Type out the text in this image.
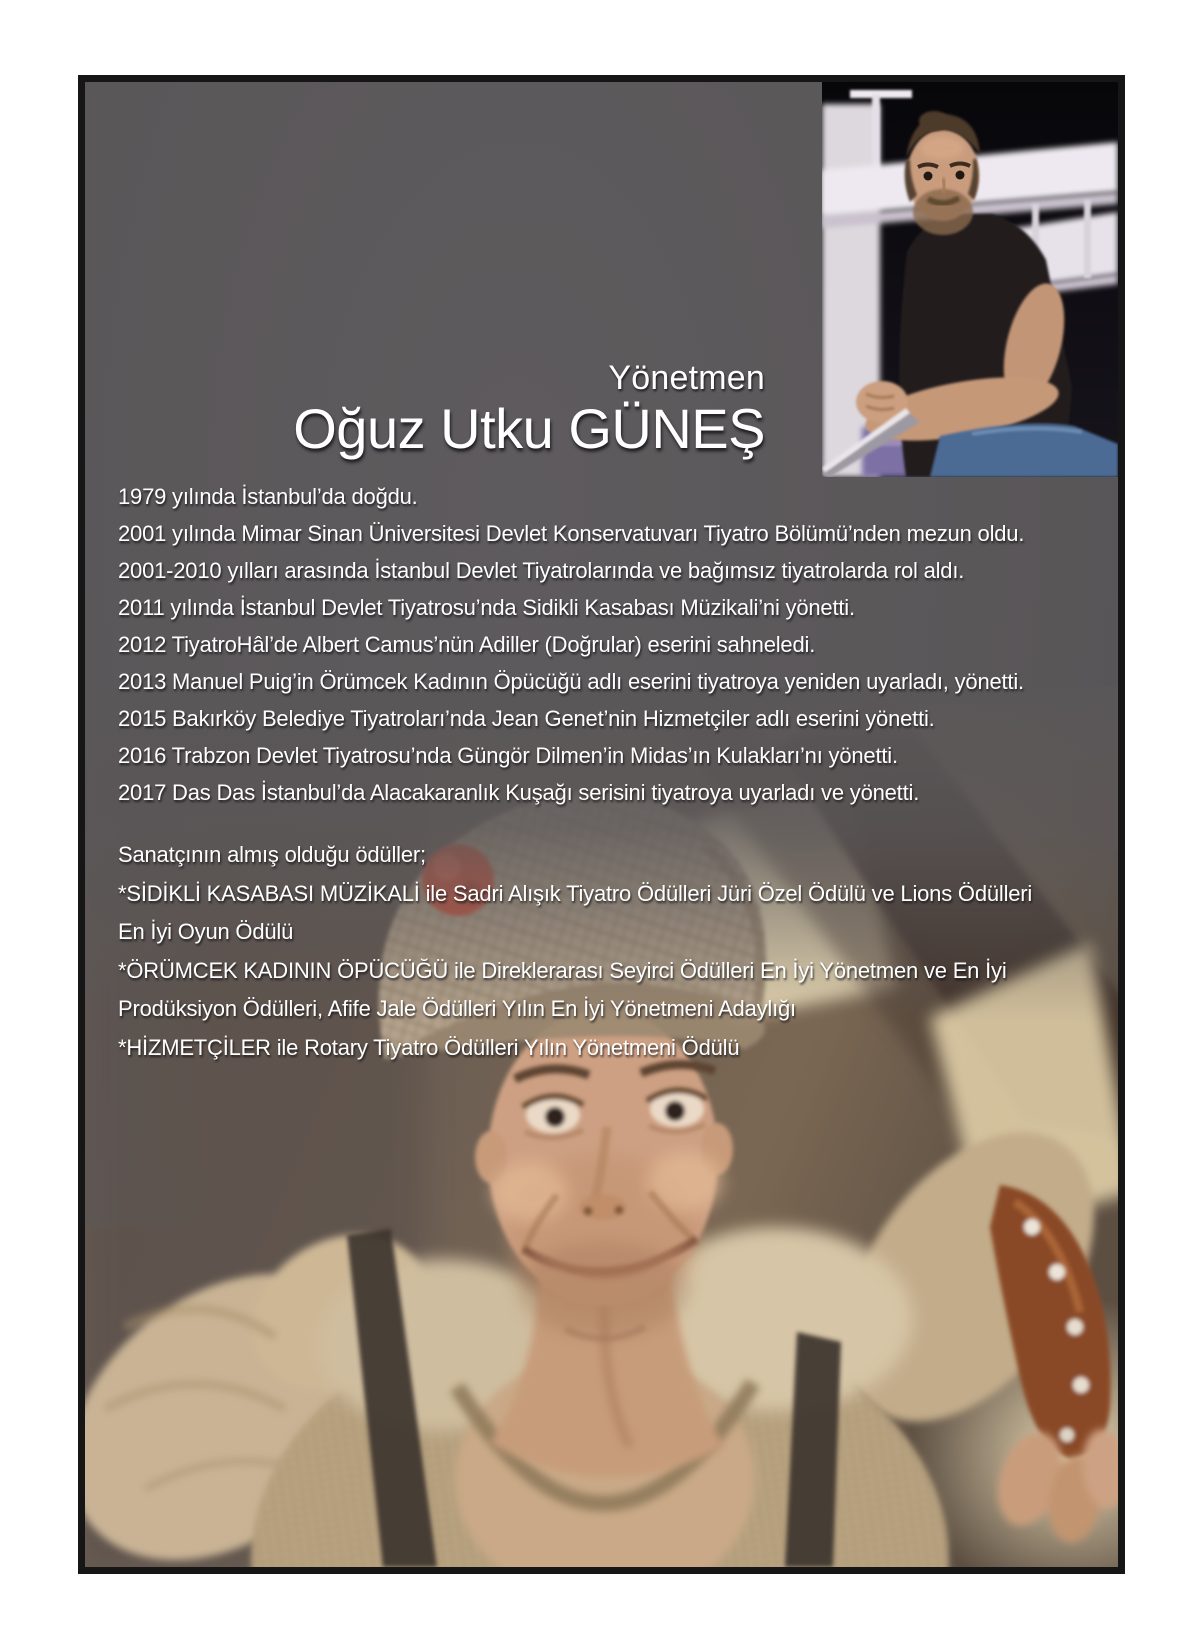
Yönetmen
Oğuz Utku GÜNEŞ
1979 yılında İstanbul’da doğdu.
2001 yılında Mimar Sinan Üniversitesi Devlet Konservatuvarı Tiyatro Bölümü’nden mezun oldu.
2001-2010 yılları arasında İstanbul Devlet Tiyatrolarında ve bağımsız tiyatrolarda rol aldı.
2011 yılında İstanbul Devlet Tiyatrosu’nda Sidikli Kasabası Müzikali’ni yönetti.
2012 TiyatroHâl’de Albert Camus’nün Adiller (Doğrular) eserini sahneledi.
2013 Manuel Puig’in Örümcek Kadının Öpücüğü adlı eserini tiyatroya yeniden uyarladı, yönetti.
2015 Bakırköy Belediye Tiyatroları’nda Jean Genet’nin Hizmetçiler adlı eserini yönetti.
2016 Trabzon Devlet Tiyatrosu’nda Güngör Dilmen’in Midas’ın Kulakları’nı yönetti.
2017 Das Das İstanbul’da Alacakaranlık Kuşağı serisini tiyatroya uyarladı ve yönetti.
Sanatçının almış olduğu ödüller;
*SİDİKLİ KASABASI MÜZİKALİ ile Sadri Alışık Tiyatro Ödülleri Jüri Özel Ödülü ve Lions Ödülleri
En İyi Oyun Ödülü
*ÖRÜMCEK KADININ ÖPÜCÜĞÜ ile Direklerarası Seyirci Ödülleri En İyi Yönetmen ve En İyi
Prodüksiyon Ödülleri, Afife Jale Ödülleri Yılın En İyi Yönetmeni Adaylığı
*HİZMETÇİLER ile Rotary Tiyatro Ödülleri Yılın Yönetmeni Ödülü
